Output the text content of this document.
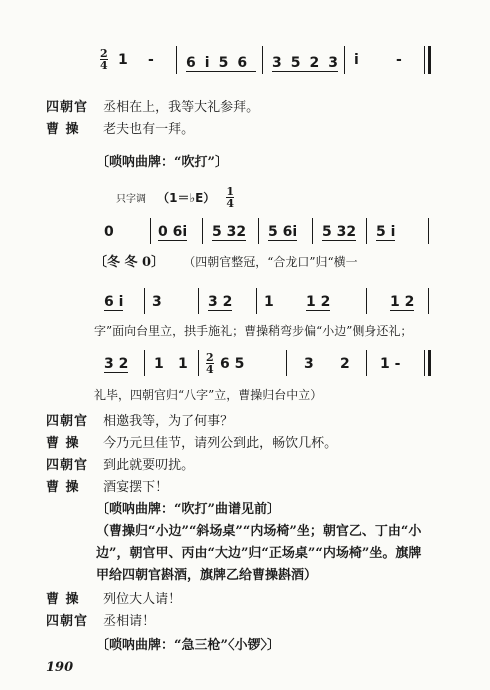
$\frac{2}{4} 1 - 6$ i 5 6	3 5 2 3 i	-
四朝官 丞相在上，我等大礼参拜。
曹 操 老夫也有一拜。
〔唢呐曲牌：“吹打”〕
只字调 （1＝♭E） $\frac{1}{4}$
0	0 6i 5 32 5 6i 5 32 5 i
〔冬 冬 0〕 （四朝官整冠，“合龙口”归“横一
6 i 3	3 2 1 1 2	1 2
字”面向台里立，拱手施礼；曹操稍弯步偏“小边”侧身还礼；
3 2 1 $1 \frac{2}{4} 6$ 5	3 2 1 -
礼毕，四朝官归“八字”立，曹操归台中立）
四朝官 相邀我等，为了何事？
曹 操 今乃元旦佳节，请列公到此，畅饮几杯。
四朝官 到此就要叨扰。
曹 操 酒宴摆下！
〔唢呐曲牌：“吹打”曲谱见前〕
（曹操归“小边”“斜场桌”“内场椅”坐；朝官乙、丁由“小
边”，朝官甲、丙由“大边”归“正场桌”“内场椅”坐。旗牌
甲给四朝官斟酒，旗牌乙给曹操斟酒）
曹 操 列位大人请！
四朝官 丞相请！
〔唢呐曲牌：“急三枪”〈小锣〉〕
190
